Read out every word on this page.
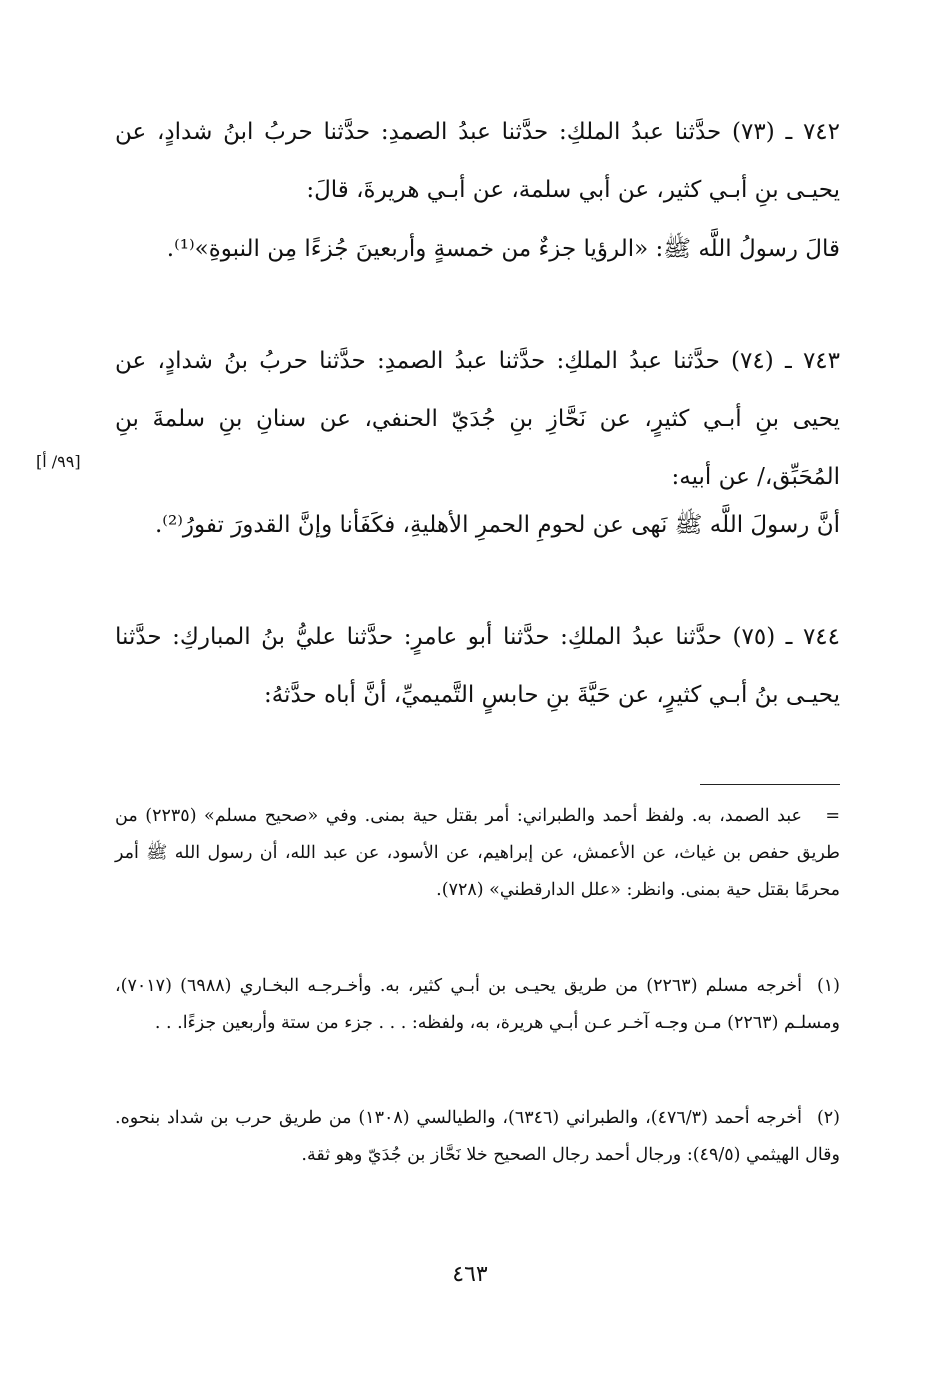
٧٤٢ ـ (٧٣) حدَّثنا عبدُ الملكِ: حدَّثنا عبدُ الصمدِ: حدَّثنا حربُ ابنُ شدادٍ، عن يحيـى بنِ أبـي كثير، عن أبي سلمة، عن أبـي هريرةَ، قالَ:

قالَ رسولُ اللَّه ﷺ: «الرؤيا جزءٌ من خمسةٍ وأربعينَ جُزءًا مِن النبوةِ»⁽¹⁾.

٧٤٣ ـ (٧٤) حدَّثنا عبدُ الملكِ: حدَّثنا عبدُ الصمدِ: حدَّثنا حربُ بنُ شدادٍ، عن يحيى بنِ أبـي كثيرٍ، عن نَحَّازِ بنِ جُدَيّ الحنفي، عن سنانِ بنِ سلمةَ بنِ المُحَبِّق،/ عن أبيه:

[٩٩/ أ]

أنَّ رسولَ اللَّه ﷺ نَهى عن لحومِ الحمرِ الأهليةِ، فكَفَأنا وإنَّ القدورَ تفورُ⁽²⁾.

٧٤٤ ـ (٧٥) حدَّثنا عبدُ الملكِ: حدَّثنا أبو عامرٍ: حدَّثنا عليُّ بنُ المباركِ: حدَّثنا يحيـى بنُ أبـي كثيرٍ، عن حَيَّةَ بنِ حابسٍ التَّميميِّ، أنَّ أباه حدَّثهُ:

=عبد الصمد، به. ولفظ أحمد والطبراني: أمر بقتل حية بمنى. وفي «صحيح مسلم» (٢٢٣٥) من طريق حفص بن غياث، عن الأعمش، عن إبراهيم، عن الأسود، عن عبد الله، أن رسول الله ﷺ أمر محرمًا بقتل حية بمنى. وانظر: «علل الدارقطني» (٧٢٨).

(١)أخرجه مسلم (٢٢٦٣) من طريق يحيـى بن أبـي كثير، به. وأخـرجـه البخـاري (٦٩٨٨) (٧٠١٧)، ومسلـم (٢٢٦٣) مـن وجـه آخـر عـن أبـي هريرة، به، ولفظه: . . . جزء من ستة وأربعين جزءًا. . .

(٢)أخرجه أحمد (٤٧٦/٣)، والطبراني (٦٣٤٦)، والطيالسي (١٣٠٨) من طريق حرب بن شداد بنحوه. وقال الهيثمي (٤٩/٥): ورجال أحمد رجال الصحيح خلا نَحَّاز بن جُدَيّ وهو ثقة.

٤٦٣
